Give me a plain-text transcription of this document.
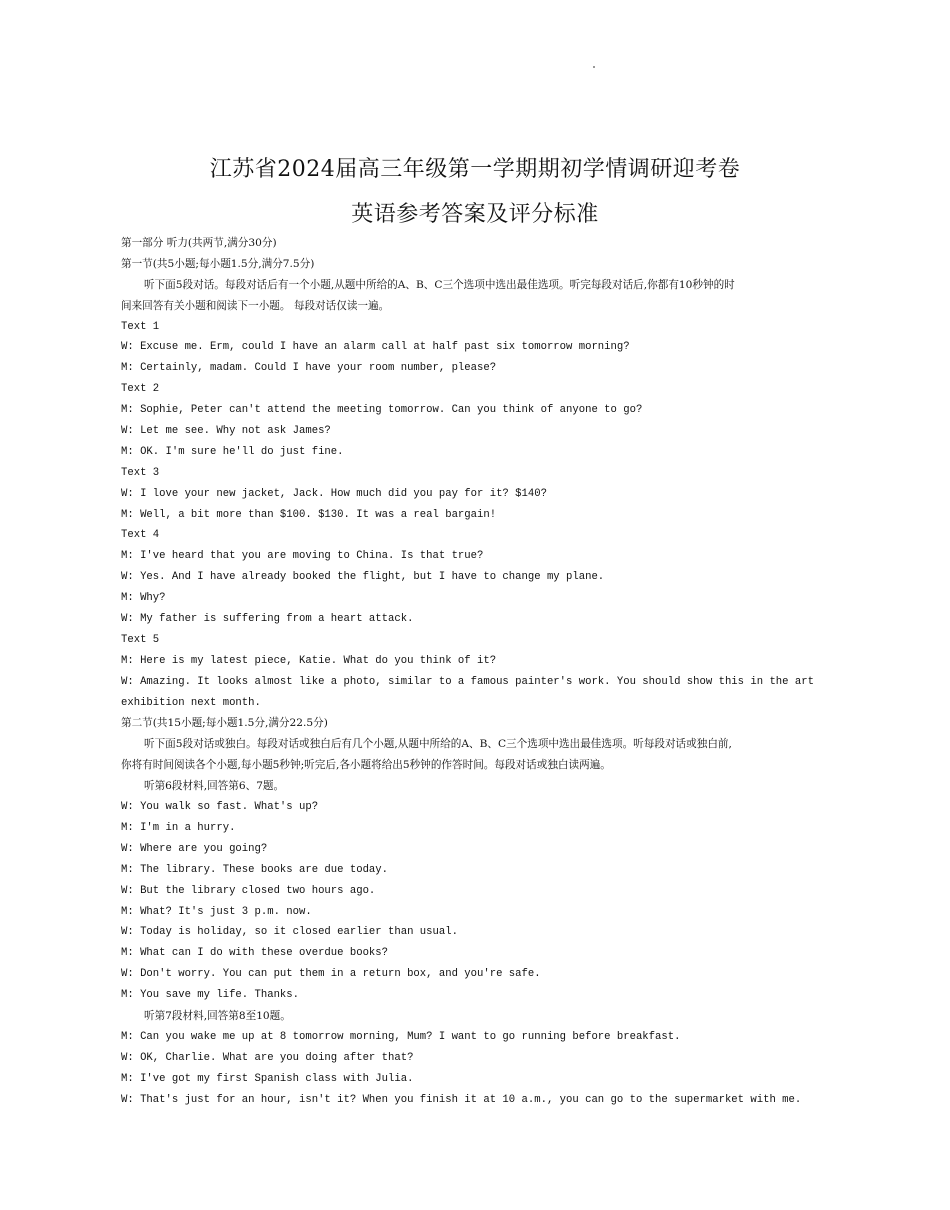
江苏省2024届高三年级第一学期期初学情调研迎考卷
英语参考答案及评分标准
第一部分 听力(共两节,满分30分)
第一节(共5小题;每小题1.5分,满分7.5分)
听下面5段对话。每段对话后有一个小题,从题中所给的A、B、C三个选项中选出最佳选项。听完每段对话后,你都有10秒钟的时
间来回答有关小题和阅读下一小题。 每段对话仅读一遍。
Text 1
W: Excuse me. Erm, could I have an alarm call at half past six tomorrow morning?
M: Certainly, madam. Could I have your room number, please?
Text 2
M: Sophie, Peter can't attend the meeting tomorrow. Can you think of anyone to go?
W: Let me see. Why not ask James?
M: OK. I'm sure he'll do just fine.
Text 3
W: I love your new jacket, Jack. How much did you pay for it? $140?
M: Well, a bit more than $100. $130. It was a real bargain!
Text 4
M: I've heard that you are moving to China. Is that true?
W: Yes. And I have already booked the flight, but I have to change my plane.
M: Why?
W: My father is suffering from a heart attack.
Text 5
M: Here is my latest piece, Katie. What do you think of it?
W: Amazing. It looks almost like a photo, similar to a famous painter's work. You should show this in the art
exhibition next month.
第二节(共15小题;每小题1.5分,满分22.5分)
听下面5段对话或独白。每段对话或独白后有几个小题,从题中所给的A、B、C三个选项中选出最佳选项。听每段对话或独白前,
你将有时间阅读各个小题,每小题5秒钟;听完后,各小题将给出5秒钟的作答时间。每段对话或独白读两遍。
听第6段材料,回答第6、7题。
W: You walk so fast. What's up?
M: I'm in a hurry.
W: Where are you going?
M: The library. These books are due today.
W: But the library closed two hours ago.
M: What? It's just 3 p.m. now.
W: Today is holiday, so it closed earlier than usual.
M: What can I do with these overdue books?
W: Don't worry. You can put them in a return box, and you're safe.
M: You save my life. Thanks.
听第7段材料,回答第8至10题。
M: Can you wake me up at 8 tomorrow morning, Mum? I want to go running before breakfast.
W: OK, Charlie. What are you doing after that?
M: I've got my first Spanish class with Julia.
W: That's just for an hour, isn't it? When you finish it at 10 a.m., you can go to the supermarket with me.
